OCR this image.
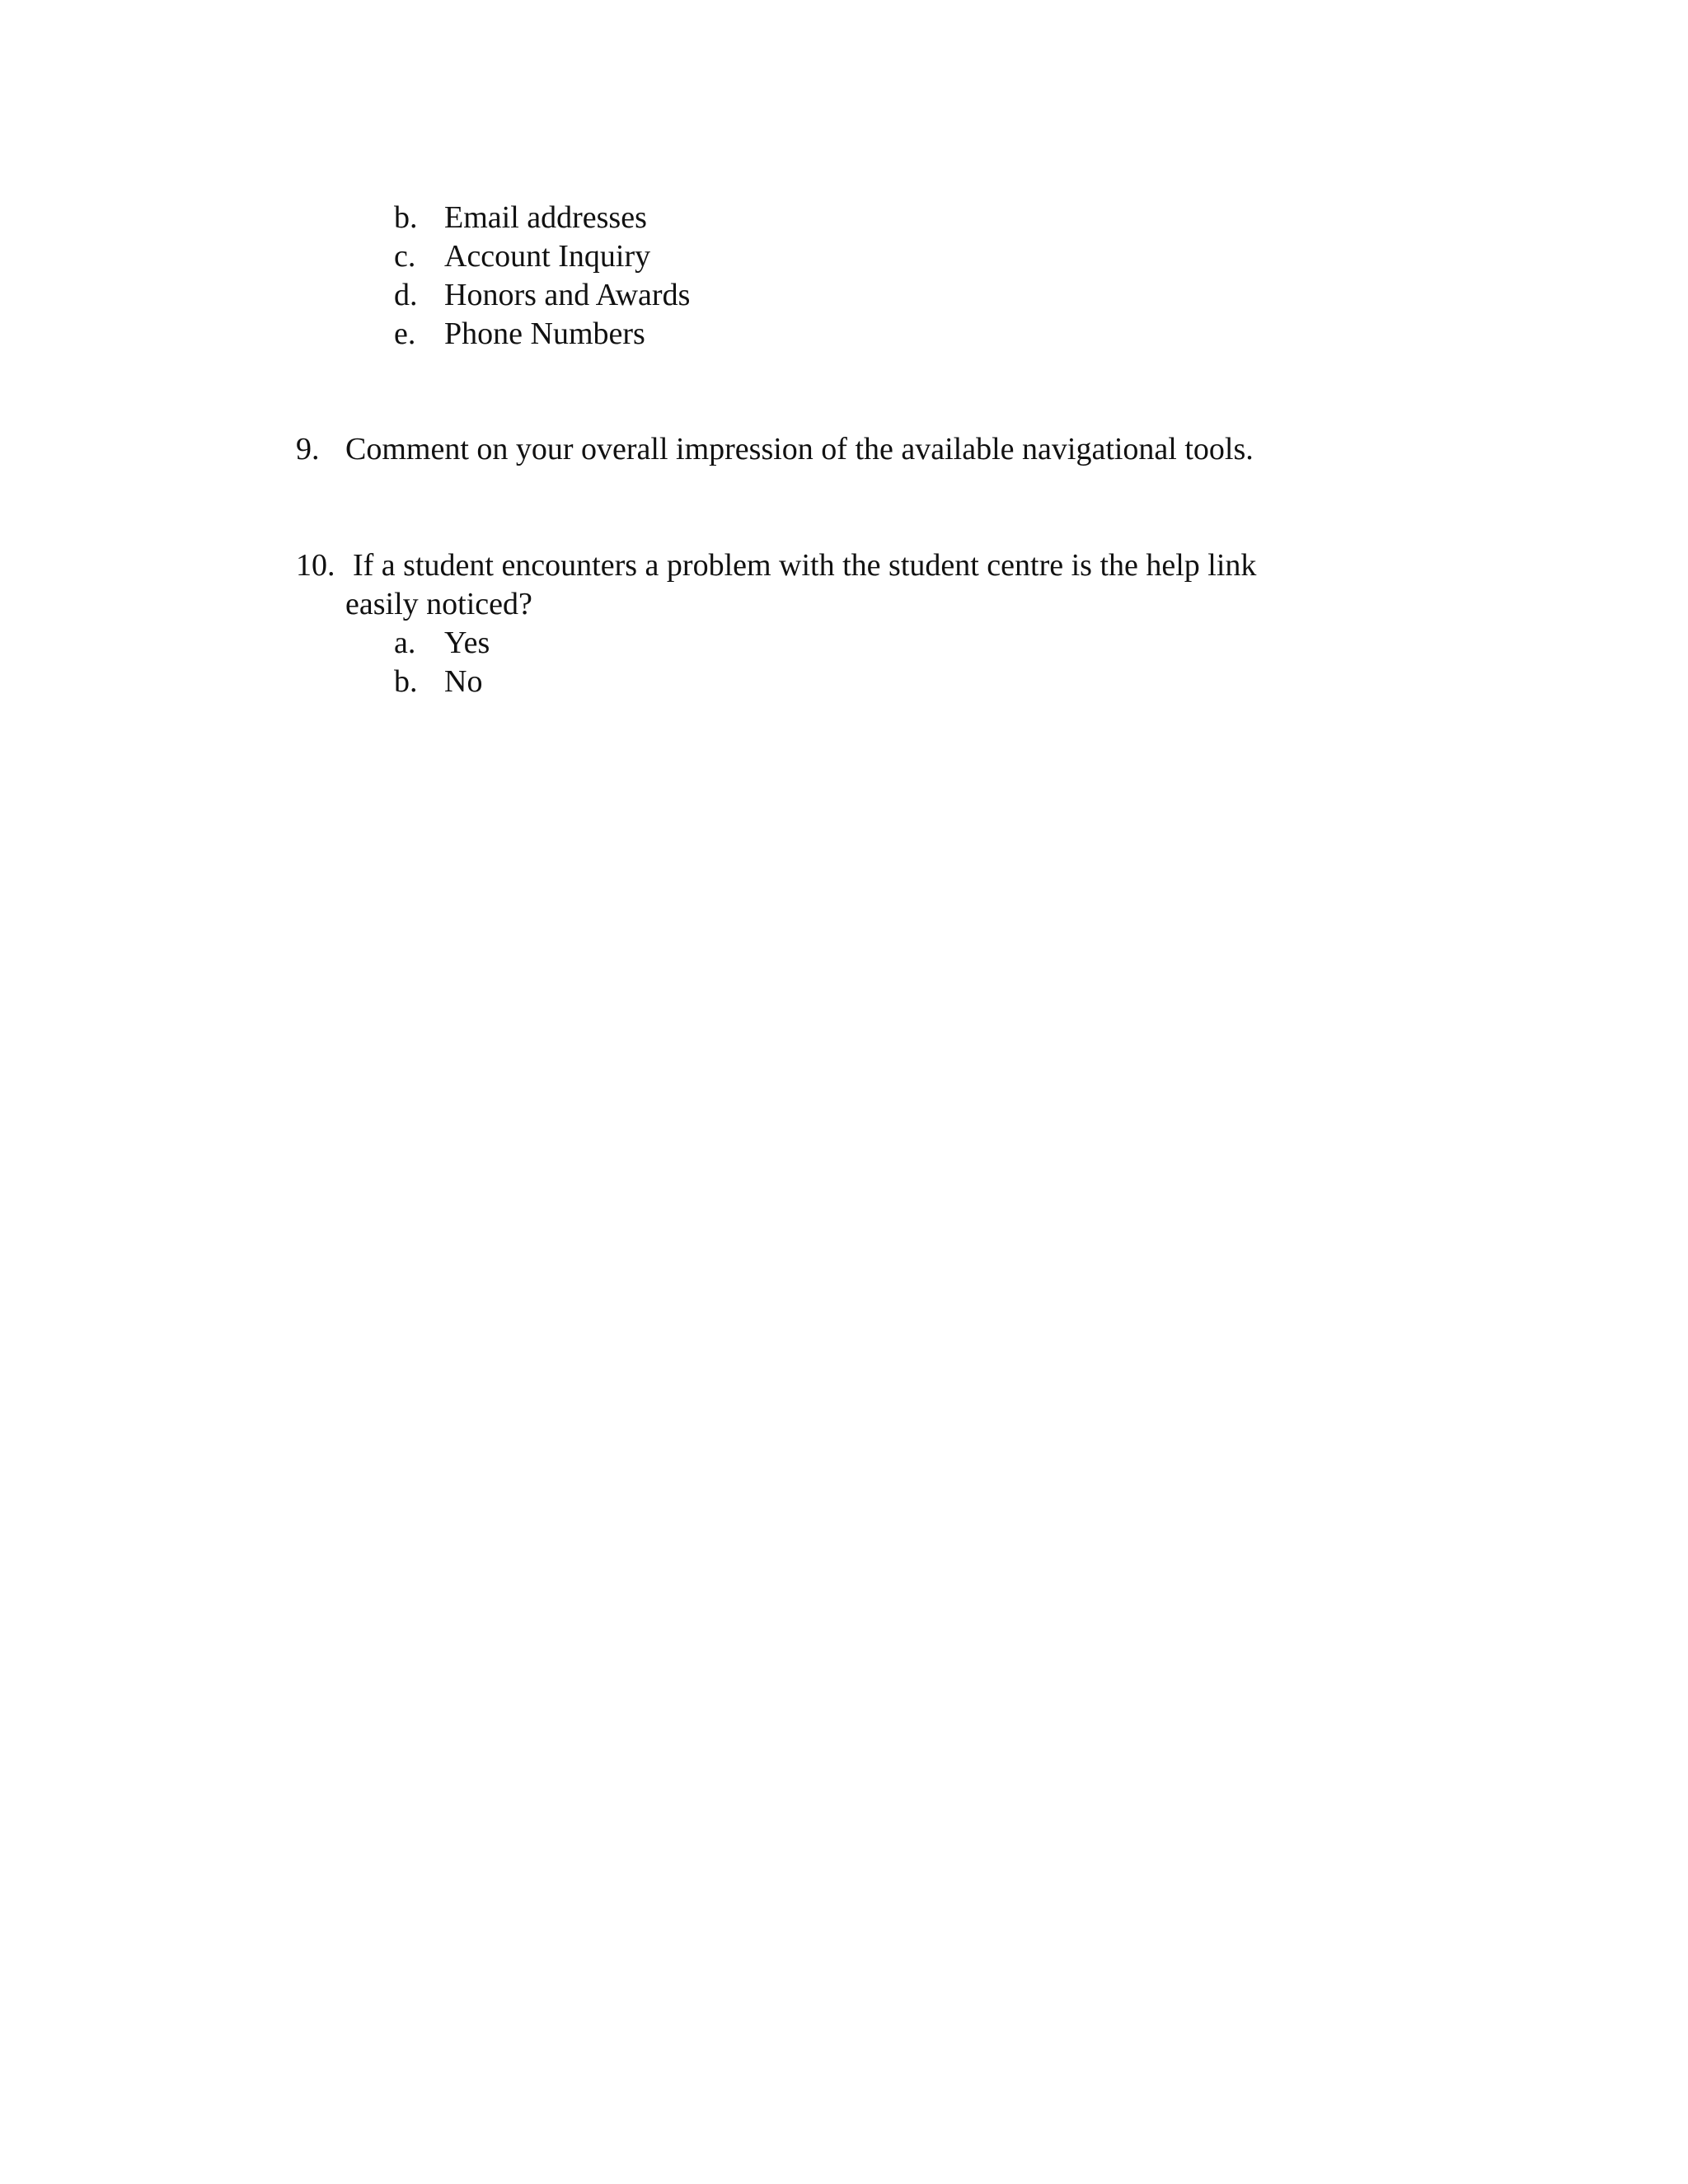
b. Email addresses
c. Account Inquiry
d. Honors and Awards
e. Phone Numbers
9. Comment on your overall impression of the available navigational tools.
10. If a student encounters a problem with the student centre is the help link
easily noticed?
a. Yes
b. No
